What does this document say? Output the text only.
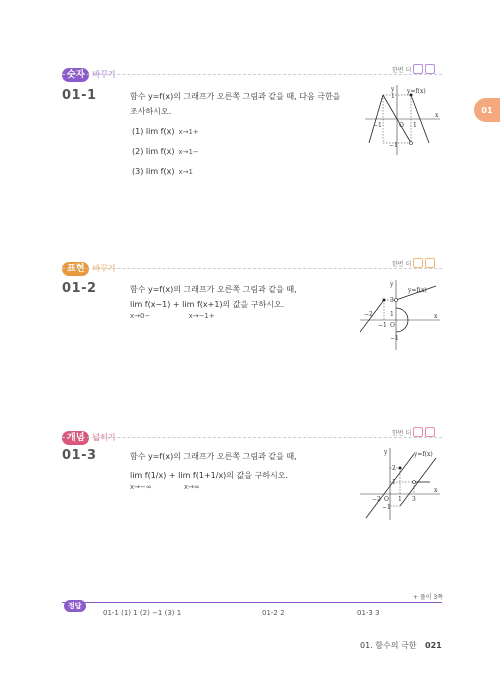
01
숫자 바꾸기	한번 더
01-1	함수 y=f(x)의 그래프가 오른쪽 그림과 같을 때, 다음 극한을
조사하시오.
(1) lim f(x) x→1+
(2) lim f(x) x→1−
(3) lim f(x) x→1
y=f(x)
−1	O 1
x
y
1
−1
표현 바꾸기	한번 더
01-2	함수 y=f(x)의 그래프가 오른쪽 그림과 같을 때,
lim f(x−1) + lim f(x+1)의 값을 구하시오.
x→0−	x→−1+
y=f(x)
−2
−1 O
x
y
3
1
−1
개념 넓히기	한번 더
01-3	함수 y=f(x)의 그래프가 오른쪽 그림과 같을 때,
lim f(1/x) + lim f(1+1/x)의 값을 구하시오.
x→−∞	x→∞
y=f(x)
−2 O 1 3
x
y
2
1
−1
+ 풀이 3쪽
정답
01-1 (1) 1 (2) −1 (3) 1	01-2 2	01-3 3
01. 함수의 극한 021
